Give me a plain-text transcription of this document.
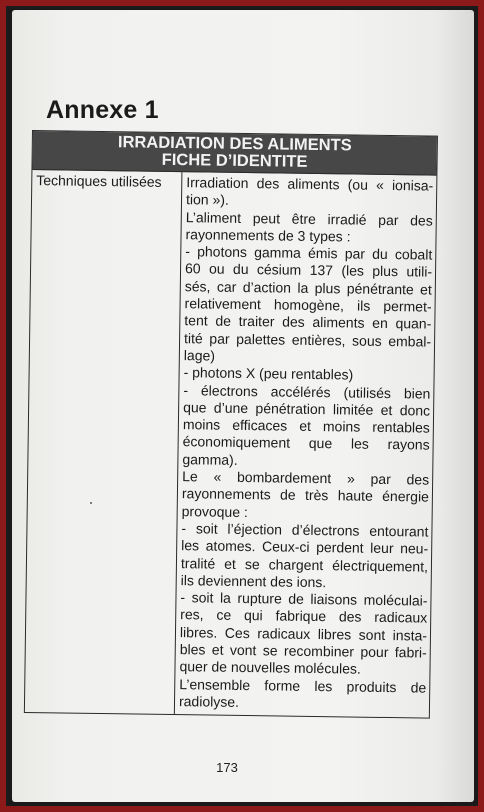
Annexe 1
IRRADIATION DES ALIMENTS
FICHE D’IDENTITE
Techniques utilisées	Irradiation des aliments (ou « ionisa-
tion »).
L’aliment peut être irradié par des
rayonnements de 3 types :
- photons gamma émis par du cobalt
60 ou du césium 137 (les plus utili-
sés, car d’action la plus pénétrante et
relativement homogène, ils permet-
tent de traiter des aliments en quan-
tité par palettes entières, sous embal-
lage)
- photons X (peu rentables)
- électrons accélérés (utilisés bien
que d’une pénétration limitée et donc
moins efficaces et moins rentables
économiquement que les rayons
gamma).
Le « bombardement » par des
rayonnements de très haute énergie
provoque :
- soit l’éjection d’électrons entourant
les atomes. Ceux-ci perdent leur neu-
tralité et se chargent électriquement,
ils deviennent des ions.
- soit la rupture de liaisons moléculai-
res, ce qui fabrique des radicaux
libres. Ces radicaux libres sont insta-
bles et vont se recombiner pour fabri-
quer de nouvelles molécules.
L’ensemble forme les produits de
radiolyse.
173
